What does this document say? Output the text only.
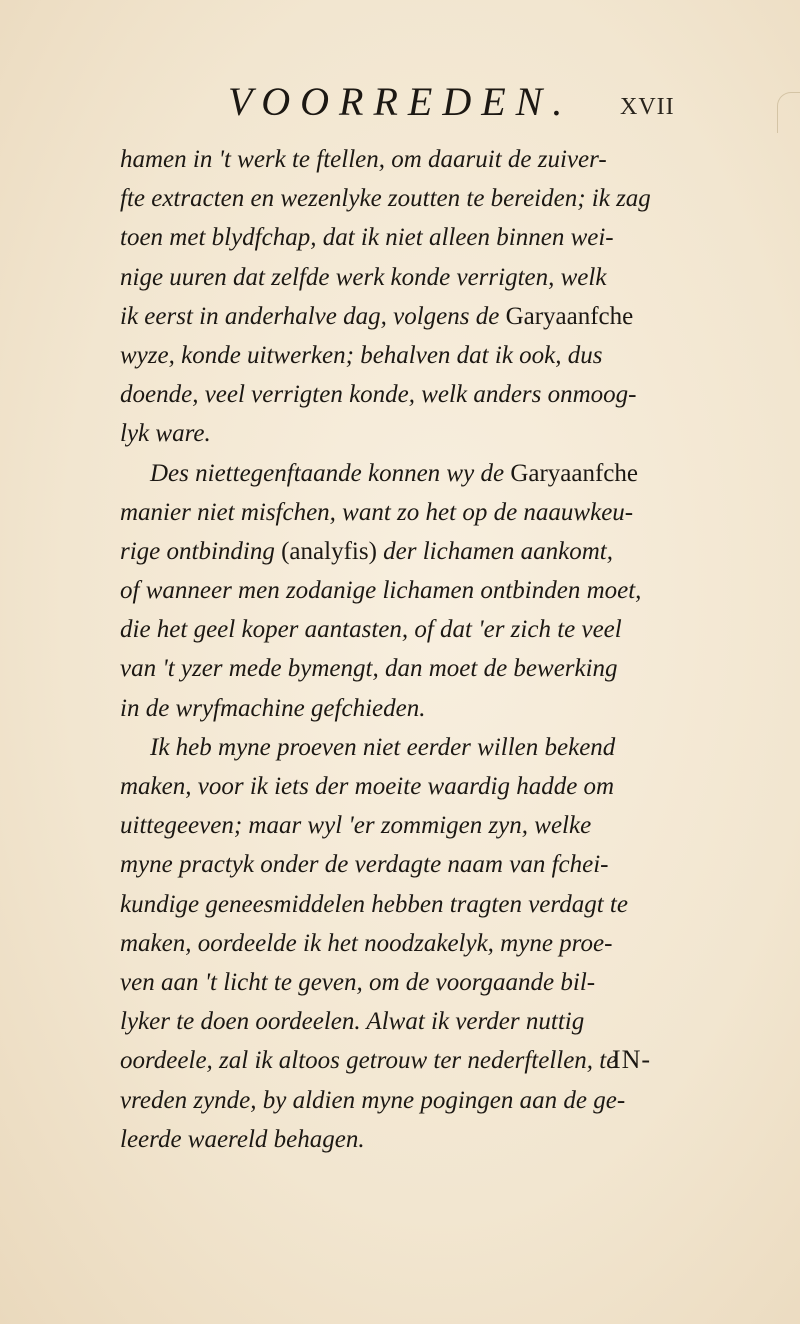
VOORREDEN. XVII
hamen in 't werk te ftellen, om daaruit de zuiver-
fte extracten en wezenlyke zoutten te bereiden; ik zag
toen met blydfchap, dat ik niet alleen binnen wei-
nige uuren dat zelfde werk konde verrigten, welk
ik eerst in anderhalve dag, volgens de Garyaanfche
wyze, konde uitwerken; behalven dat ik ook, dus
doende, veel verrigten konde, welk anders onmoog-
lyk ware.
Des niettegenftaande konnen wy de Garyaanfche
manier niet misfchen, want zo het op de naauwkeu-
rige ontbinding (analyfis) der lichamen aankomt,
of wanneer men zodanige lichamen ontbinden moet,
die het geel koper aantasten, of dat 'er zich te veel
van 't yzer mede bymengt, dan moet de bewerking
in de wryfmachine gefchieden.
Ik heb myne proeven niet eerder willen bekend
maken, voor ik iets der moeite waardig hadde om
uittegeeven; maar wyl 'er zommigen zyn, welke
myne practyk onder de verdagte naam van fchei-
kundige geneesmiddelen hebben tragten verdagt te
maken, oordeelde ik het noodzakelyk, myne proe-
ven aan 't licht te geven, om de voorgaande bil-
lyker te doen oordeelen. Alwat ik verder nuttig
oordeele, zal ik altoos getrouw ter nederftellen, te
vreden zynde, by aldien myne pogingen aan de ge-
leerde waereld behagen.
IN-
